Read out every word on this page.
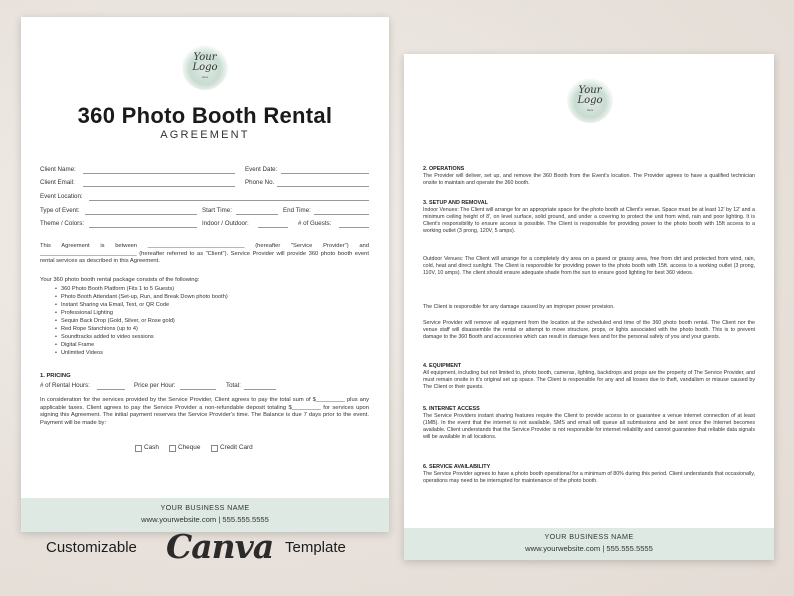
Your Logo
Here
360 Photo Booth Rental
AGREEMENT
Client Name:	Event Date:
Client Email:	Phone No.
Event Location:
Type of Event:	Start Time:	End Time:
Theme / Colors:	Indoor / Outdoor:	# of Guests:
This Agreement is between ______________________________ (hereafter "Service Provider") and ______________________________ (hereafter referred to as "Client"). Service Provider will provide 360 photo booth event rental services as described in this Agreement.
Your 360 photo booth rental package consists of the following:
• 360 Photo Booth Platform (Fits 1 to 5 Guests)
• Photo Booth Attendant (Set-up, Run, and Break Down photo booth)
• Instant Sharing via Email, Text, or QR Code
• Professional Lighting
• Sequin Back Drop (Gold, Silver, or Rose gold)
• Red Rope Stanchions (up to 4)
• Soundtracks added to video sessions
• Digital Frame
• Unlimited Videos
1. PRICING
# of Rental Hours:	Price per Hour:	Total:
In consideration for the services provided by the Service Provider, Client agrees to pay the total sum of $_________ plus any applicable taxes. Client agrees to pay the Service Provider a non-refundable deposit totaling $_________ for services upon signing this Agreement. The initial payment reserves the Service Provider's time. The Balance is due 7 days prior to the event. Payment will be made by:
Cash	Cheque	Credit Card
YOUR BUSINESS NAME
www.yourwebsite.com | 555.555.5555
Your Logo
Here
2. OPERATIONS
The Provider will deliver, set up, and remove the 360 Booth from the Event's location. The Provider agrees to have a qualified technician onsite to maintain and operate the 360 booth.
3. SETUP AND REMOVAL
Indoor Venues: The Client will arrange for an appropriate space for the photo booth at Client's venue. Space must be at least 12' by 12' and a minimum ceiling height of 8', on level surface, solid ground, and under a covering to protect the unit from wind, rain and poor lighting. It is Client's responsibility to ensure access is possible. The Client is responsible for providing power to the photo booth with 15ft access to a working outlet (3 prong, 120V, 5 amps).
Outdoor Venues: The Client will arrange for a completely dry area on a paved or grassy area, free from dirt and protected from wind, rain, cold, heat and direct sunlight. The Client is responsible for providing power to the photo booth with 15ft. access to a working outlet (3 prong, 110V, 10 amps). The client should ensure adequate shade from the sun to ensure good lighting for best 360 videos.
The Client is responsible for any damage caused by an improper power provision.
Service Provider will remove all equipment from the location at the scheduled end time of the 360 photo booth rental. The Client nor the venue staff will disassemble the rental or attempt to move structure, props, or lights associated with the photo booth. This is to prevent damage to the 360 Booth and accessories which can result in damage fees and for the personal safety of you and your guests.
4. EQUIPMENT
All equipment, including but not limited to, photo booth, cameras, lighting, backdrops and props are the property of The Service Provider, and must remain onsite in it's original set up space. The Client is responsible for any and all losses due to theft, vandalism or misuse caused by The Client or their guests.
5. INTERNET ACCESS
The Service Providers instant sharing features require the Client to provide access to or guarantee a venue internet connection of at least (1MB). In the event that the internet is not available, SMS and email will queue all submissions and be sent once the Internet becomes available. Client understands that the Service Provider is not responsible for internet reliability and cannot guarantee that reliable data signals will be available in all locations.
6. SERVICE AVAILABILITY
The Service Provider agrees to have a photo booth operational for a minimum of 80% during this period. Client understands that occasionally, operations may need to be interrupted for maintenance of the photo booth.
YOUR BUSINESS NAME
www.yourwebsite.com | 555.555.5555
Customizable Canva Template
